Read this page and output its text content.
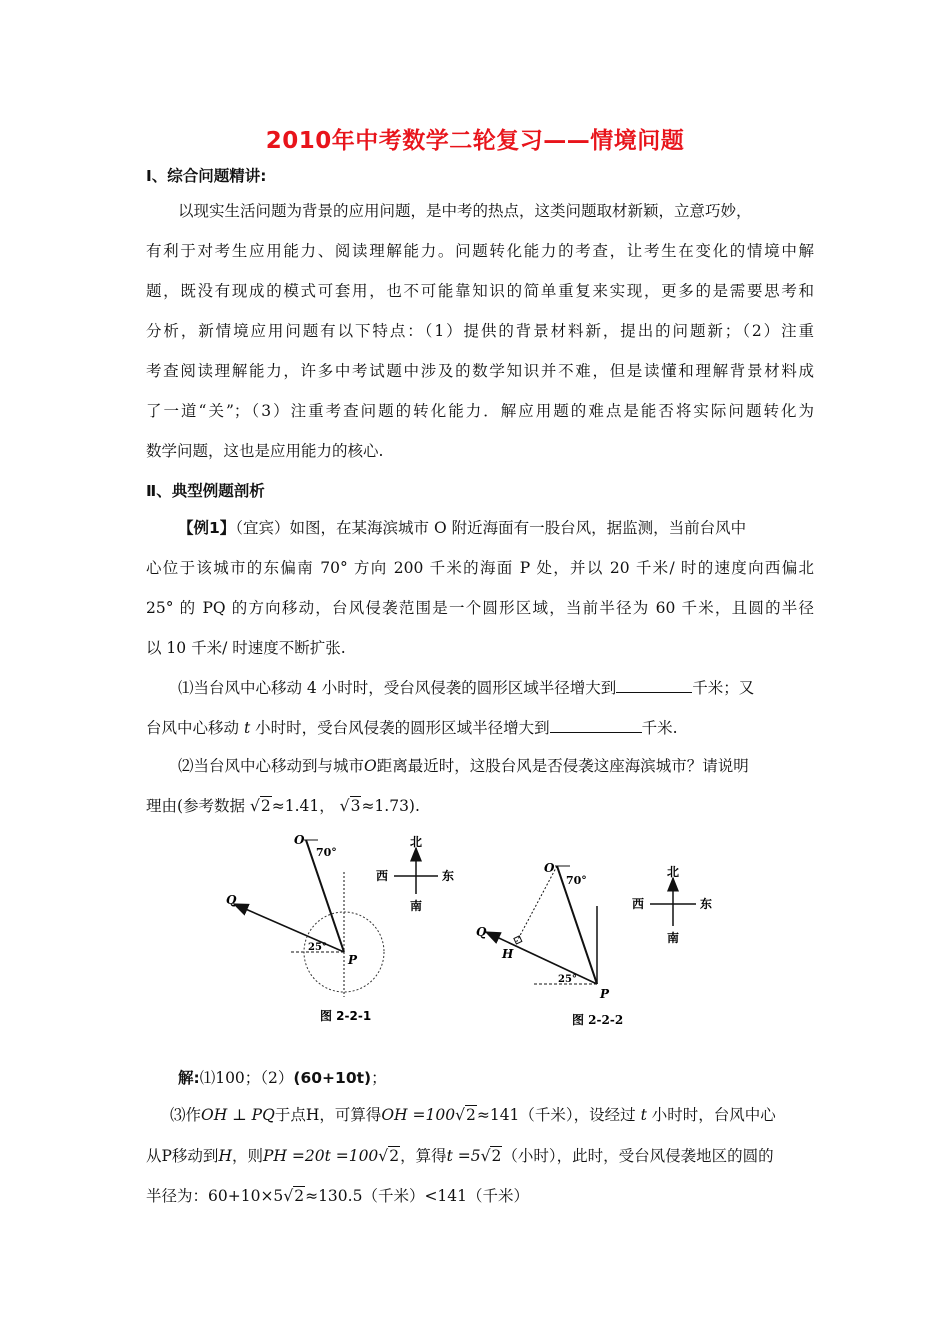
2010年中考数学二轮复习——情境问题
Ⅰ、综合问题精讲:
以现实生活问题为背景的应用问题，是中考的热点，这类问题取材新颖，立意巧妙，
有利于对考生应用能力、阅读理解能力。问题转化能力的考查，让考生在变化的情境中解
题，既没有现成的模式可套用，也不可能靠知识的简单重复来实现，更多的是需要思考和
分析，新情境应用问题有以下特点：（1）提供的背景材料新，提出的问题新；（2）注重
考查阅读理解能力，许多中考试题中涉及的数学知识并不难，但是读懂和理解背景材料成
了一道“关”；（3）注重考查问题的转化能力．解应用题的难点是能否将实际问题转化为
数学问题，这也是应用能力的核心.
Ⅱ、典型例题剖析
【例1】（宜宾）如图，在某海滨城市 O 附近海面有一股台风，据监测，当前台风中
心位于该城市的东偏南 70° 方向 200 千米的海面 P 处，并以 20 千米/ 时的速度向西偏北
25° 的 PQ 的方向移动，台风侵袭范围是一个圆形区域，当前半径为 60 千米，且圆的半径
以 10 千米/ 时速度不断扩张.
⑴当台风中心移动 4 小时时，受台风侵袭的圆形区域半径增大到	千米；又
台风中心移动 t 小时时，受台风侵袭的圆形区域半径增大到	千米.
⑵当台风中心移动到与城市O距离最近时，这股台风是否侵袭这座海滨城市？请说明
理由(参考数据 √2≈1.41， √3≈1.73).
O
70°
P
Q
25°
北
南
东
西
图 2-2-1
O
70°
P
Q
H
25°
北
南
东
西
图 2-2-2
解:⑴100；（2）(60+10t)；
⑶作OH ⊥ PQ于点H，可算得OH =100√2≈141（千米），设经过 t 小时时，台风中心
从P移动到H，则PH =20t =100√2，算得t =5√2（小时），此时，受台风侵袭地区的圆的
半径为：60+10×5√2≈130.5（千米）<141（千米）
